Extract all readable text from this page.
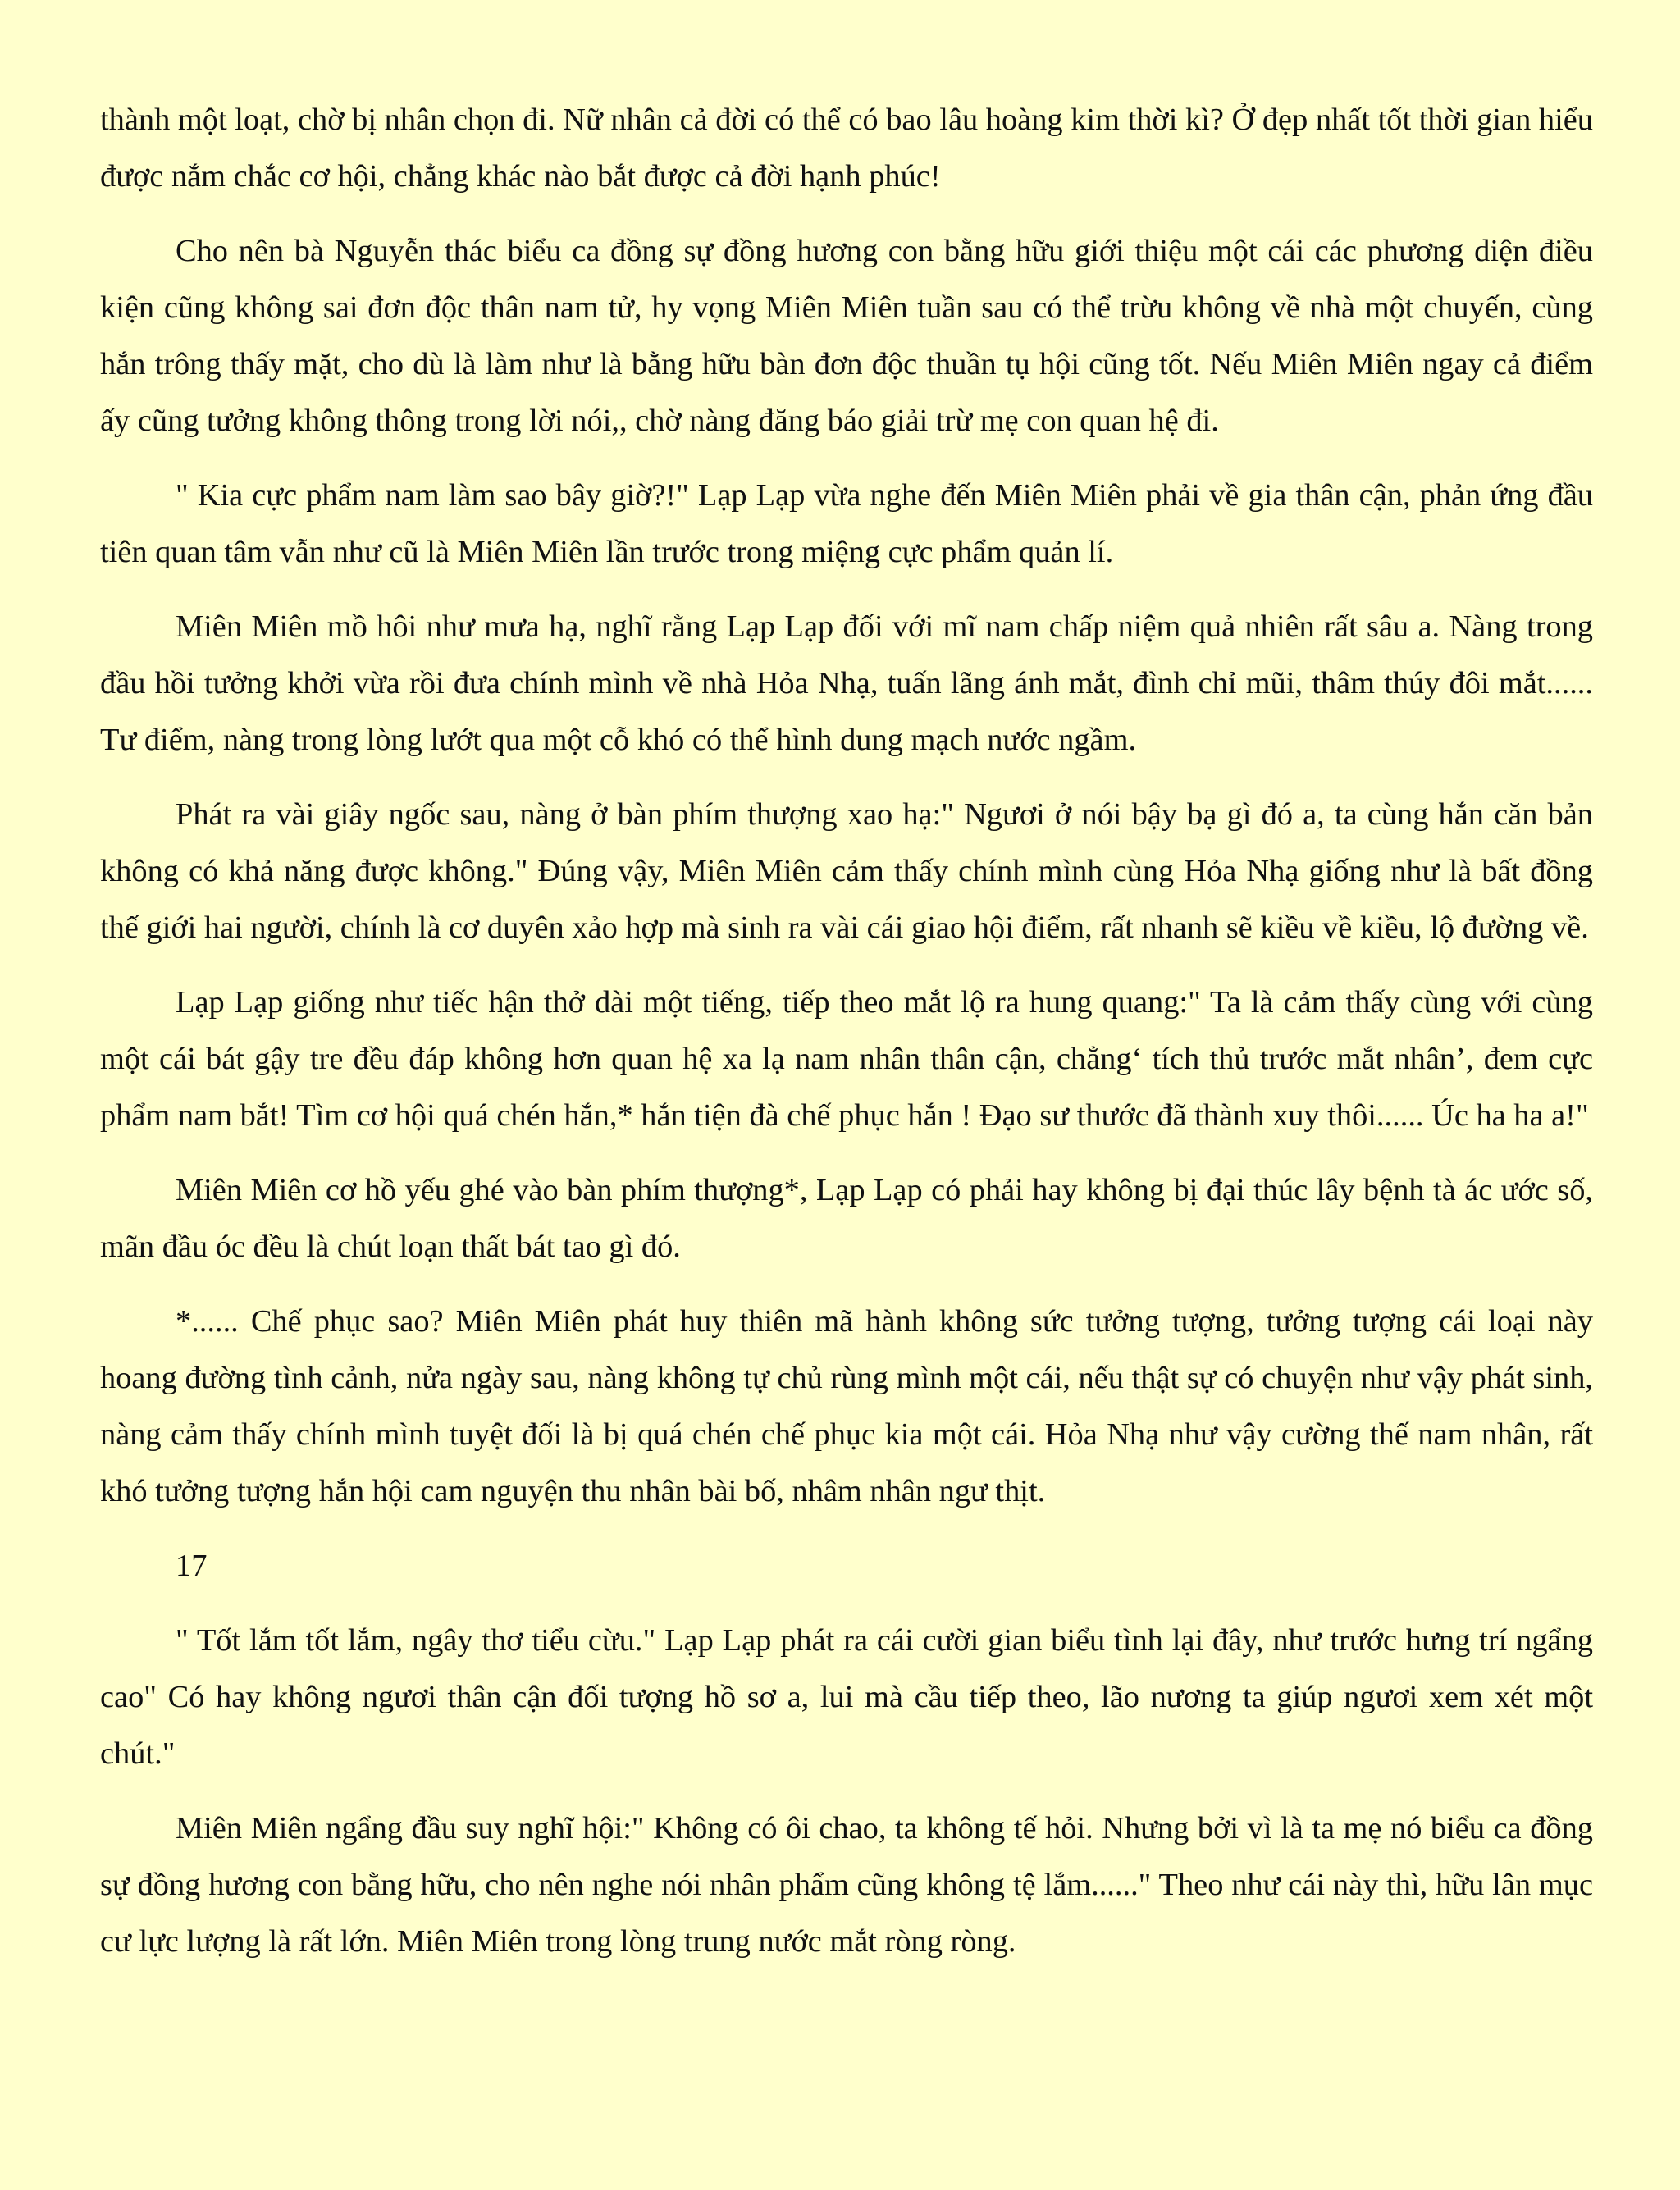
thành một loạt, chờ bị nhân chọn đi. Nữ nhân cả đời có thể có bao lâu hoàng kim thời kì? Ở đẹp nhất tốt thời gian hiểu được nắm chắc cơ hội, chẳng khác nào bắt được cả đời hạnh phúc!

Cho nên bà Nguyễn thác biểu ca đồng sự đồng hương con bằng hữu giới thiệu một cái các phương diện điều kiện cũng không sai đơn độc thân nam tử, hy vọng Miên Miên tuần sau có thể trừu không về nhà một chuyến, cùng hắn trông thấy mặt, cho dù là làm như là bằng hữu bàn đơn độc thuần tụ hội cũng tốt. Nếu Miên Miên ngay cả điểm ấy cũng tưởng không thông trong lời nói,, chờ nàng đăng báo giải trừ mẹ con quan hệ đi.

" Kia cực phẩm nam làm sao bây giờ?!" Lạp Lạp vừa nghe đến Miên Miên phải về gia thân cận, phản ứng đầu tiên quan tâm vẫn như cũ là Miên Miên lần trước trong miệng cực phẩm quản lí.

Miên Miên mồ hôi như mưa hạ, nghĩ rằng Lạp Lạp đối với mĩ nam chấp niệm quả nhiên rất sâu a. Nàng trong đầu hồi tưởng khởi vừa rồi đưa chính mình về nhà Hỏa Nhạ, tuấn lãng ánh mắt, đình chỉ mũi, thâm thúy đôi mắt...... Tư điểm, nàng trong lòng lướt qua một cỗ khó có thể hình dung mạch nước ngầm.

Phát ra vài giây ngốc sau, nàng ở bàn phím thượng xao hạ:" Ngươi ở nói bậy bạ gì đó a, ta cùng hắn căn bản không có khả năng được không." Đúng vậy, Miên Miên cảm thấy chính mình cùng Hỏa Nhạ giống như là bất đồng thế giới hai người, chính là cơ duyên xảo hợp mà sinh ra vài cái giao hội điểm, rất nhanh sẽ kiều về kiều, lộ đường về.

Lạp Lạp giống như tiếc hận thở dài một tiếng, tiếp theo mắt lộ ra hung quang:" Ta là cảm thấy cùng với cùng một cái bát gậy tre đều đáp không hơn quan hệ xa lạ nam nhân thân cận, chẳng‘ tích thủ trước mắt nhân’, đem cực phẩm nam bắt! Tìm cơ hội quá chén hắn,* hắn tiện đà chế phục hắn ! Đạo sư thước đã thành xuy thôi...... Úc ha ha a!"

Miên Miên cơ hồ yếu ghé vào bàn phím thượng*, Lạp Lạp có phải hay không bị đại thúc lây bệnh tà ác ước số, mãn đầu óc đều là chút loạn thất bát tao gì đó.

*...... Chế phục sao? Miên Miên phát huy thiên mã hành không sức tưởng tượng, tưởng tượng cái loại này hoang đường tình cảnh, nửa ngày sau, nàng không tự chủ rùng mình một cái, nếu thật sự có chuyện như vậy phát sinh, nàng cảm thấy chính mình tuyệt đối là bị quá chén chế phục kia một cái. Hỏa Nhạ như vậy cường thế nam nhân, rất khó tưởng tượng hắn hội cam nguyện thu nhân bài bố, nhâm nhân ngư thịt.

17

" Tốt lắm tốt lắm, ngây thơ tiểu cừu." Lạp Lạp phát ra cái cười gian biểu tình lại đây, như trước hưng trí ngẩng cao" Có hay không ngươi thân cận đối tượng hồ sơ a, lui mà cầu tiếp theo, lão nương ta giúp ngươi xem xét một chút."

Miên Miên ngẩng đầu suy nghĩ hội:" Không có ôi chao, ta không tế hỏi. Nhưng bởi vì là ta mẹ nó biểu ca đồng sự đồng hương con bằng hữu, cho nên nghe nói nhân phẩm cũng không tệ lắm......" Theo như cái này thì, hữu lân mục cư lực lượng là rất lớn. Miên Miên trong lòng trung nước mắt ròng ròng.
